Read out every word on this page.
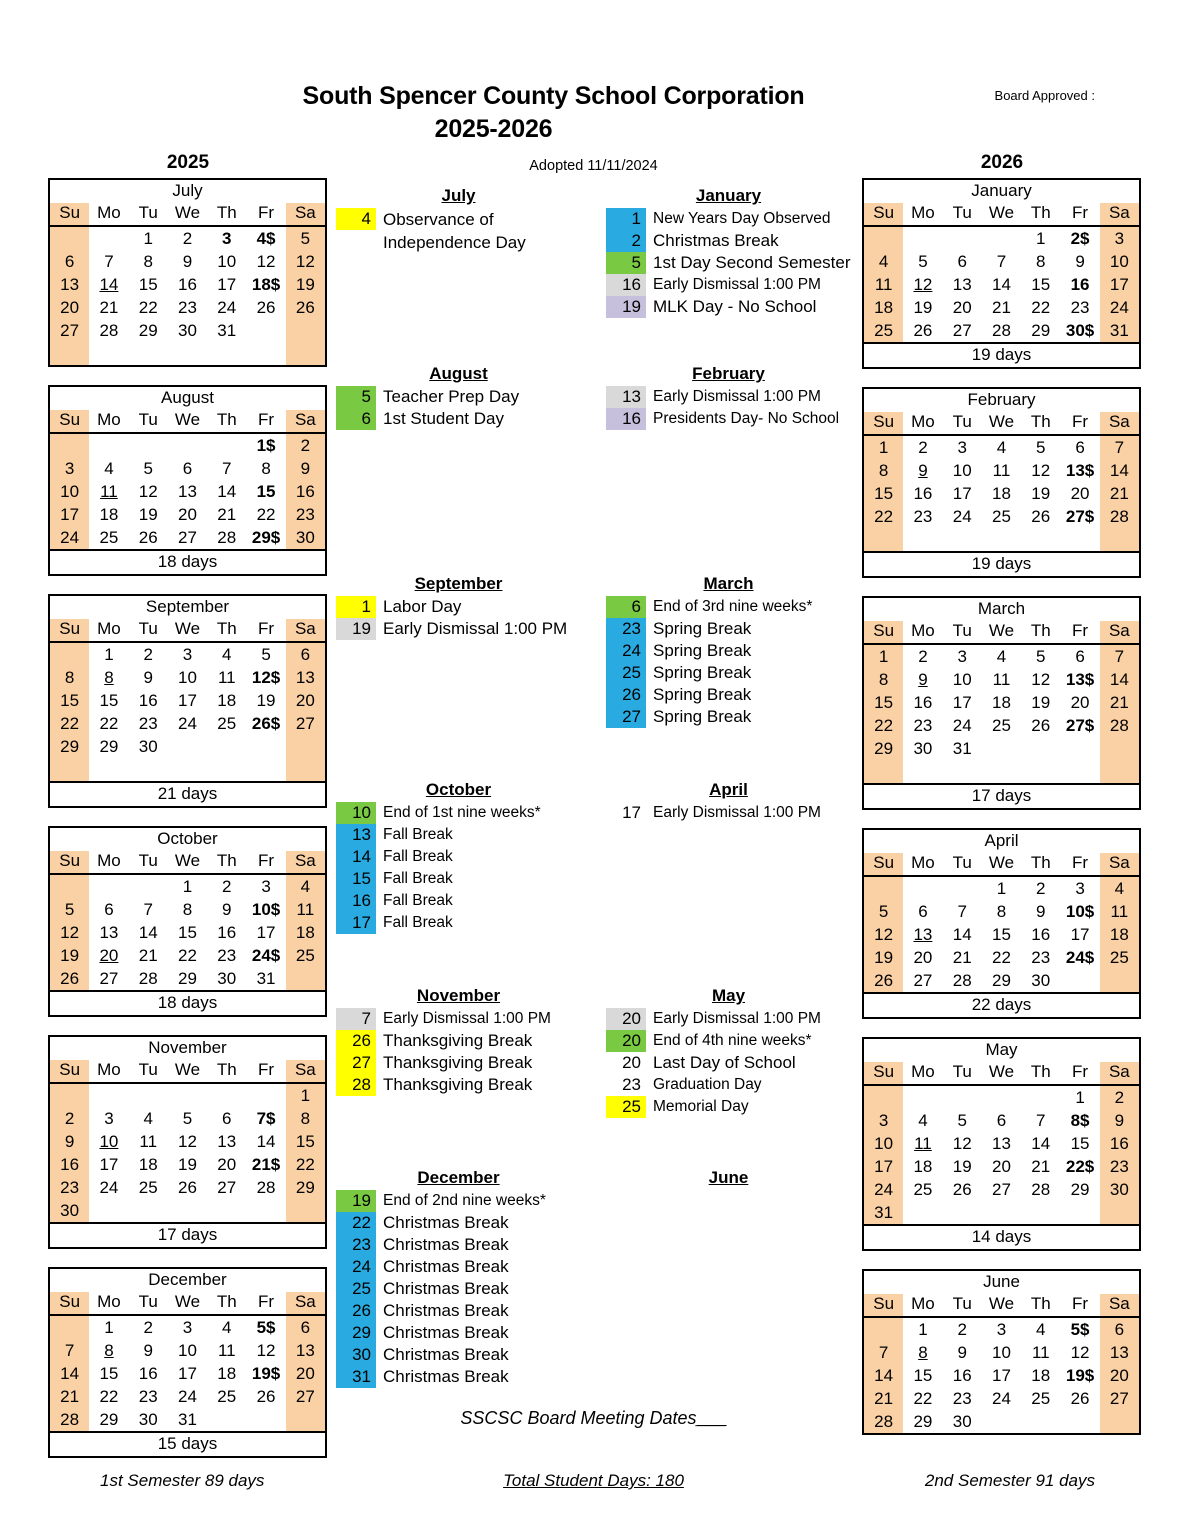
South Spencer County School Corporation
2025-2026
Board Approved :
Adopted 11/11/2024
2025	2026
July
Su	Mo	Tu	We	Th	Fr	Sa
		1	2	3	4$	5
6	7	8	9	10	12	12
13	14	15	16	17	18$	19
20	21	22	23	24	26	26
27	28	29	30	31		

August
Su	Mo	Tu	We	Th	Fr	Sa
					1$	2
3	4	5	6	7	8	9
10	11	12	13	14	15	16
17	18	19	20	21	22	23
24	25	26	27	28	29$	30
18 days
September
Su	Mo	Tu	We	Th	Fr	Sa
	1	2	3	4	5	6
8	8	9	10	11	12$	13
15	15	16	17	18	19	20
22	22	23	24	25	26$	27
29	29	30				

21 days
October
Su	Mo	Tu	We	Th	Fr	Sa
			1	2	3	4
5	6	7	8	9	10$	11
12	13	14	15	16	17	18
19	20	21	22	23	24$	25
26	27	28	29	30	31	
18 days
November
Su	Mo	Tu	We	Th	Fr	Sa
						1
2	3	4	5	6	7$	8
9	10	11	12	13	14	15
16	17	18	19	20	21$	22
23	24	25	26	27	28	29
30						
17 days
December
Su	Mo	Tu	We	Th	Fr	Sa
	1	2	3	4	5$	6
7	8	9	10	11	12	13
14	15	16	17	18	19$	20
21	22	23	24	25	26	27
28	29	30	31			
15 days
July
4 Observance of
Independence Day
August
5 Teacher Prep Day
6 1st Student Day
September
1 Labor Day
19 Early Dismissal 1:00 PM
October
10 End of 1st nine weeks*
13 Fall Break
14 Fall Break
15 Fall Break
16 Fall Break
17 Fall Break
November
7 Early Dismissal 1:00 PM
26 Thanksgiving Break
27 Thanksgiving Break
28 Thanksgiving Break
December
19 End of 2nd nine weeks*
22 Christmas Break
23 Christmas Break
24 Christmas Break
25 Christmas Break
26 Christmas Break
29 Christmas Break
30 Christmas Break
31 Christmas Break
January
1 New Years Day Observed
2 Christmas Break
5 1st Day Second Semester
16 Early Dismissal 1:00 PM
19 MLK Day - No School
February
13 Early Dismissal 1:00 PM
16 Presidents Day- No School
March
6 End of 3rd nine weeks*
23 Spring Break
24 Spring Break
25 Spring Break
26 Spring Break
27 Spring Break
April
17 Early Dismissal 1:00 PM
May
20 Early Dismissal 1:00 PM
20 End of 4th nine weeks*
20 Last Day of School
23 Graduation Day
25 Memorial Day
June
January
Su	Mo	Tu	We	Th	Fr	Sa
				1	2$	3
4	5	6	7	8	9	10
11	12	13	14	15	16	17
18	19	20	21	22	23	24
25	26	27	28	29	30$	31
19 days
February
Su	Mo	Tu	We	Th	Fr	Sa
1	2	3	4	5	6	7
8	9	10	11	12	13$	14
15	16	17	18	19	20	21
22	23	24	25	26	27$	28

19 days
March
Su	Mo	Tu	We	Th	Fr	Sa
1	2	3	4	5	6	7
8	9	10	11	12	13$	14
15	16	17	18	19	20	21
22	23	24	25	26	27$	28
29	30	31				

17 days
April
Su	Mo	Tu	We	Th	Fr	Sa
			1	2	3	4
5	6	7	8	9	10$	11
12	13	14	15	16	17	18
19	20	21	22	23	24$	25
26	27	28	29	30		
22 days
May
Su	Mo	Tu	We	Th	Fr	Sa
					1	2
3	4	5	6	7	8$	9
10	11	12	13	14	15	16
17	18	19	20	21	22$	23
24	25	26	27	28	29	30
31						
14 days
June
Su	Mo	Tu	We	Th	Fr	Sa
	1	2	3	4	5$	6
7	8	9	10	11	12	13
14	15	16	17	18	19$	20
21	22	23	24	25	26	27
28	29	30				
SSCSC Board Meeting Dates___
1st Semester 89 days	Total Student Days: 180	2nd Semester 91 days
